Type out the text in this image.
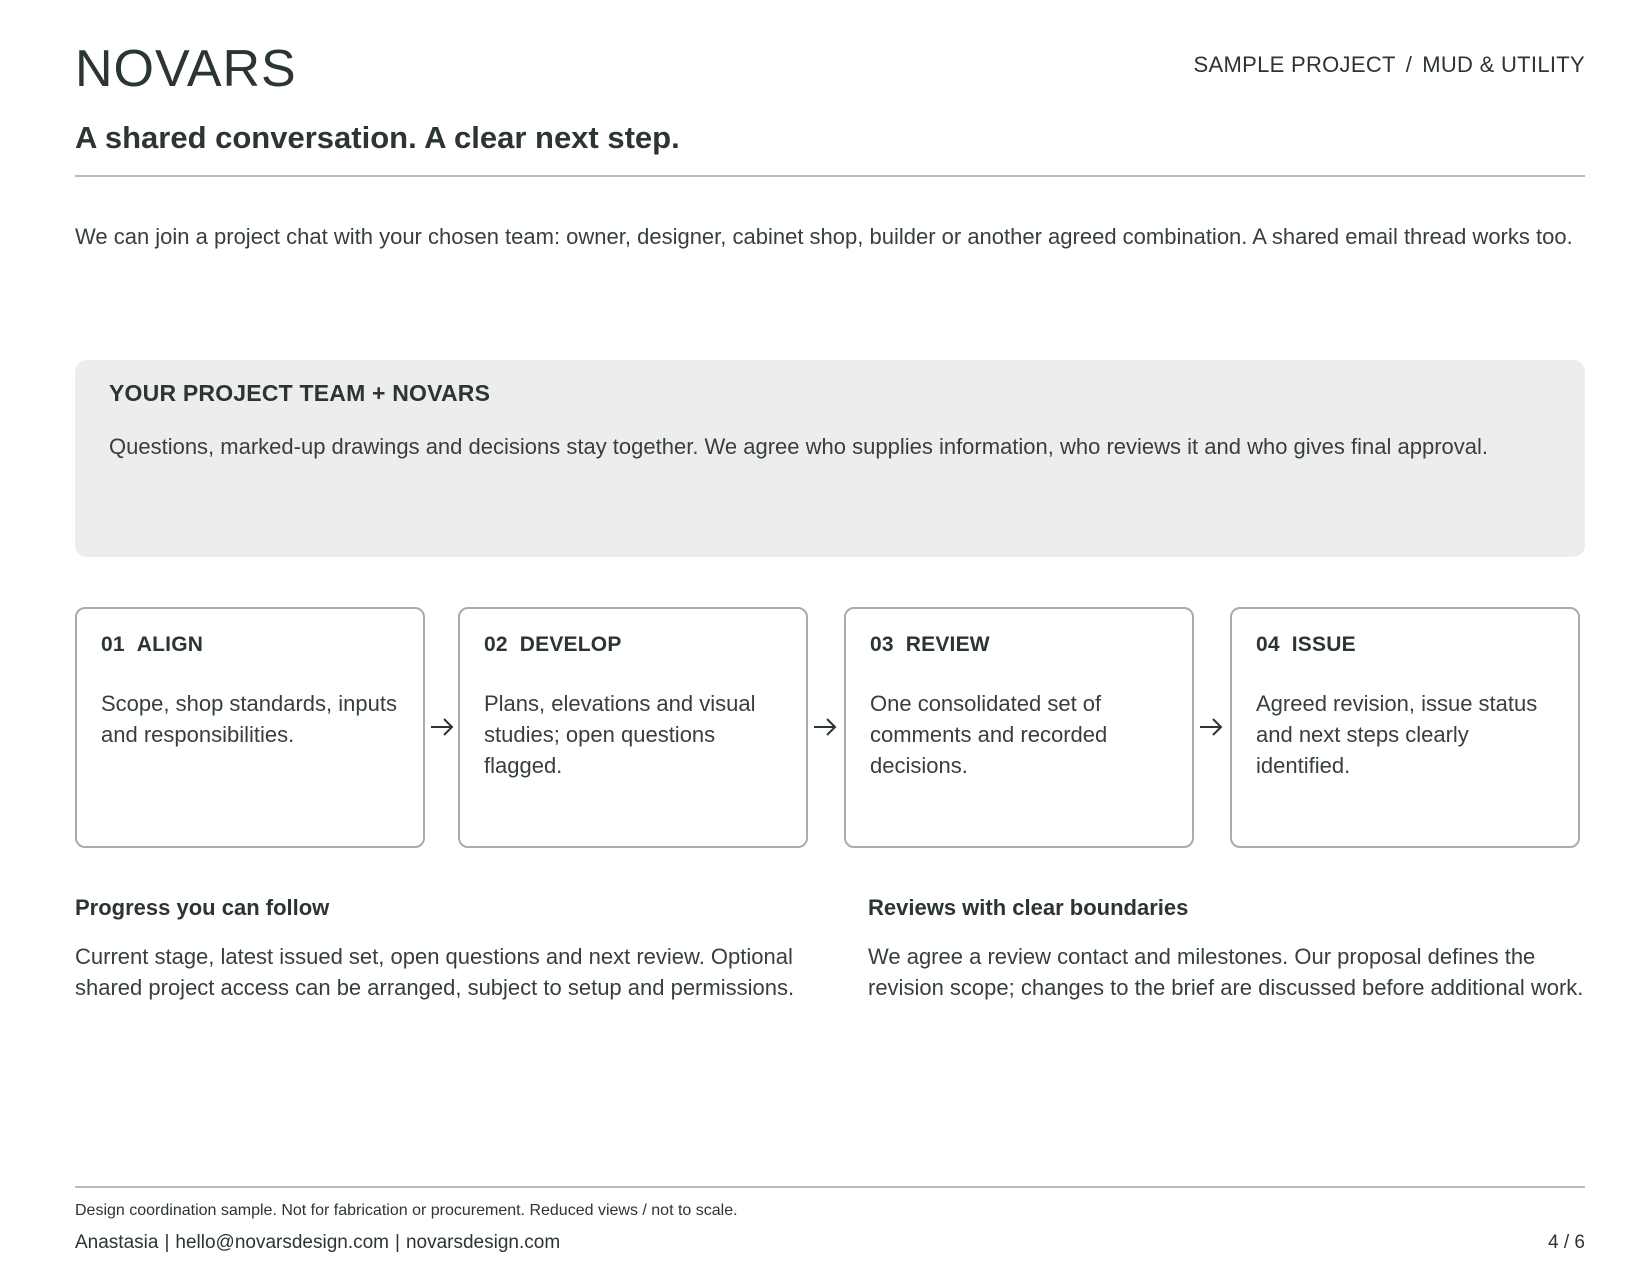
NOVARS	SAMPLE PROJECT / MUD & UTILITY
A shared conversation. A clear next step.

We can join a project chat with your chosen team: owner, designer, cabinet shop, builder or another agreed combination. A shared email thread works too.

YOUR PROJECT TEAM + NOVARS

Questions, marked-up drawings and decisions stay together. We agree who supplies information, who reviews it and who gives final approval.

01 ALIGN

Scope, shop standards, inputs and responsibilities.

02 DEVELOP

Plans, elevations and visual studies; open questions flagged.

03 REVIEW

One consolidated set of comments and recorded decisions.

04 ISSUE

Agreed revision, issue status and next steps clearly identified.

Progress you can follow

Current stage, latest issued set, open questions and next review. Optional shared project access can be arranged, subject to setup and permissions.

Reviews with clear boundaries

We agree a review contact and milestones. Our proposal defines the revision scope; changes to the brief are discussed before additional work.

Design coordination sample. Not for fabrication or procurement. Reduced views / not to scale.

Anastasia | hello@novarsdesign.com | novarsdesign.com	4 / 6
